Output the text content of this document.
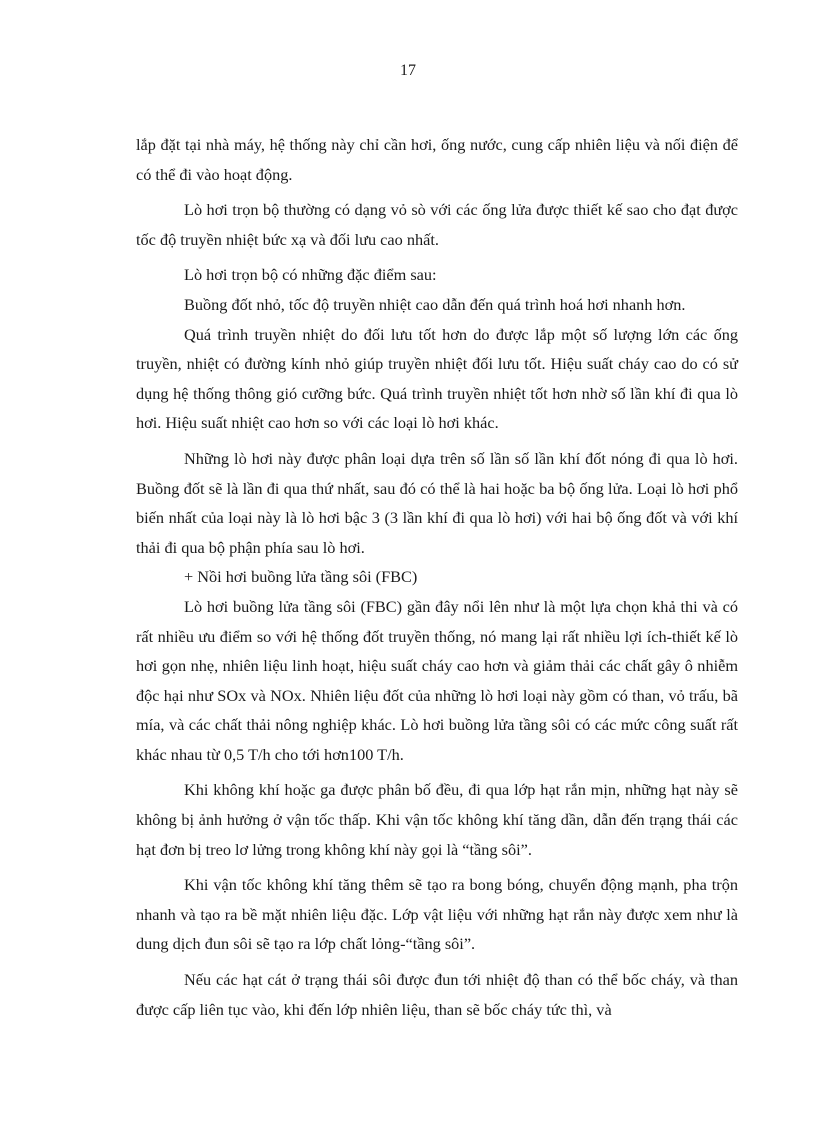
17

lắp đặt tại nhà máy, hệ thống này chỉ cần hơi, ống nước, cung cấp nhiên liệu và nối điện để có thể đi vào hoạt động.

Lò hơi trọn bộ thường có dạng vỏ sò với các ống lửa được thiết kế sao cho đạt được tốc độ truyền nhiệt bức xạ và đối lưu cao nhất.

Lò hơi trọn bộ có những đặc điểm sau:

Buồng đốt nhỏ, tốc độ truyền nhiệt cao dẫn đến quá trình hoá hơi nhanh hơn.

Quá trình truyền nhiệt do đối lưu tốt hơn do được lắp một số lượng lớn các ống truyền, nhiệt có đường kính nhỏ giúp truyền nhiệt đối lưu tốt. Hiệu suất cháy cao do có sử dụng hệ thống thông gió cưỡng bức. Quá trình truyền nhiệt tốt hơn nhờ số lần khí đi qua lò hơi. Hiệu suất nhiệt cao hơn so với các loại lò hơi khác.

Những lò hơi này được phân loại dựa trên số lần số lần khí đốt nóng đi qua lò hơi. Buồng đốt sẽ là lần đi qua thứ nhất, sau đó có thể là hai hoặc ba bộ ống lửa. Loại lò hơi phổ biến nhất của loại này là lò hơi bậc 3 (3 lần khí đi qua lò hơi) với hai bộ ống đốt và với khí thải đi qua bộ phận phía sau lò hơi.

+ Nồi hơi buồng lửa tầng sôi (FBC)

Lò hơi buồng lửa tầng sôi (FBC) gần đây nổi lên như là một lựa chọn khả thi và có rất nhiều ưu điểm so với hệ thống đốt truyền thống, nó mang lại rất nhiều lợi ích-thiết kế lò hơi gọn nhẹ, nhiên liệu linh hoạt, hiệu suất cháy cao hơn và giảm thải các chất gây ô nhiễm độc hại như SOx và NOx. Nhiên liệu đốt của những lò hơi loại này gồm có than, vỏ trấu, bã mía, và các chất thải nông nghiệp khác. Lò hơi buồng lửa tầng sôi có các mức công suất rất khác nhau từ 0,5 T/h cho tới hơn100 T/h.

Khi không khí hoặc ga được phân bố đều, đi qua lớp hạt rắn mịn, những hạt này sẽ không bị ảnh hưởng ở vận tốc thấp. Khi vận tốc không khí tăng dần, dẫn đến trạng thái các hạt đơn bị treo lơ lửng trong không khí này gọi là “tầng sôi”.

Khi vận tốc không khí tăng thêm sẽ tạo ra bong bóng, chuyển động mạnh, pha trộn nhanh và tạo ra bề mặt nhiên liệu đặc. Lớp vật liệu với những hạt rắn này được xem như là dung dịch đun sôi sẽ tạo ra lớp chất lỏng-“tầng sôi”.

Nếu các hạt cát ở trạng thái sôi được đun tới nhiệt độ than có thể bốc cháy, và than được cấp liên tục vào, khi đến lớp nhiên liệu, than sẽ bốc cháy tức thì, và
